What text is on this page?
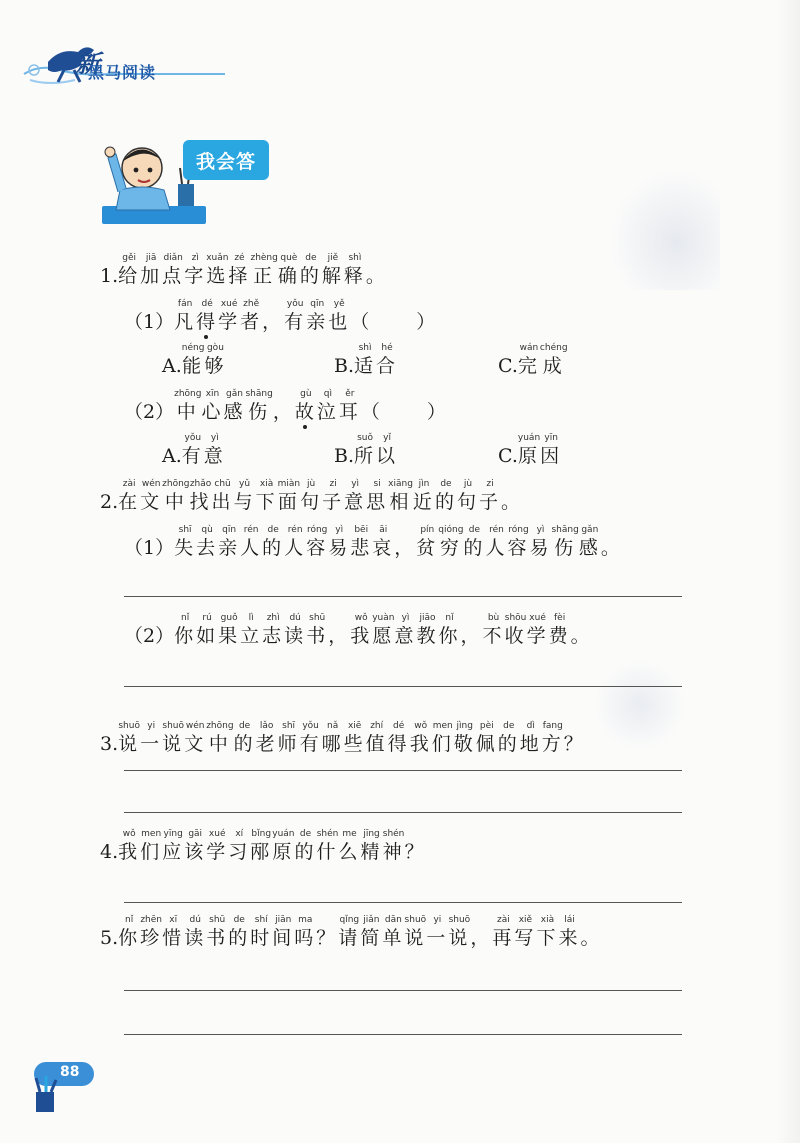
新
黑马阅读
我会答
1.
gěi
给
jiā
加
diǎn
点
zì
字
xuǎn
选
zé
择
zhèng
正
què
确
de
的
jiě
解
shì
释 。
（1）
fán
凡
dé
得
xué
学
zhě
者 ，
yǒu
有
qīn
亲
yě
也 （　　）
A.
néng
能
gòu
够	B.
shì
适
hé
合	C.
wán
完
chéng
成
（2）
zhōng
中
xīn
心
gǎn
感
shāng
伤 ，
gù
故
qì
泣
ěr
耳 （　　）
A.
yǒu
有
yì
意	B.
suǒ
所
yǐ
以	C.
yuán
原
yīn
因
2.
zài
在
wén
文
zhōng
中
zhǎo
找
chū
出
yǔ
与
xià
下
miàn
面
jù
句
zi
子
yì
意
si
思
xiāng
相
jìn
近
de
的
jù
句
zi
子 。
（1）
shī
失
qù
去
qīn
亲
rén
人
de
的
rén
人
róng
容
yì
易
bēi
悲
āi
哀 ，
pín
贫
qióng
穷
de
的
rén
人
róng
容
yì
易
shāng
伤
gǎn
感 。
（2）
nǐ
你
rú
如
guǒ
果
lì
立
zhì
志
dú
读
shū
书 ，
wǒ
我
yuàn
愿
yì
意
jiāo
教
nǐ
你 ，
bù
不
shōu
收
xué
学
fèi
费 。
3.
shuō
说
yi
一
shuō
说
wén
文
zhōng
中
de
的
lǎo
老
shī
师
yǒu
有
nǎ
哪
xiē
些
zhí
值
dé
得
wǒ
我
men
们
jìng
敬
pèi
佩
de
的
dì
地
fang
方 ？
4.
wǒ
我
men
们
yīng
应
gāi
该
xué
学
xí
习
bǐng
邴
yuán
原
de
的
shén
什
me
么
jīng
精
shén
神 ？
5.
nǐ
你
zhēn
珍
xī
惜
dú
读
shū
书
de
的
shí
时
jiān
间
ma
吗 ？
qǐng
请
jiǎn
简
dān
单
shuō
说
yi
一
shuō
说 ，
zài
再
xiě
写
xià
下
lái
来 。
88
